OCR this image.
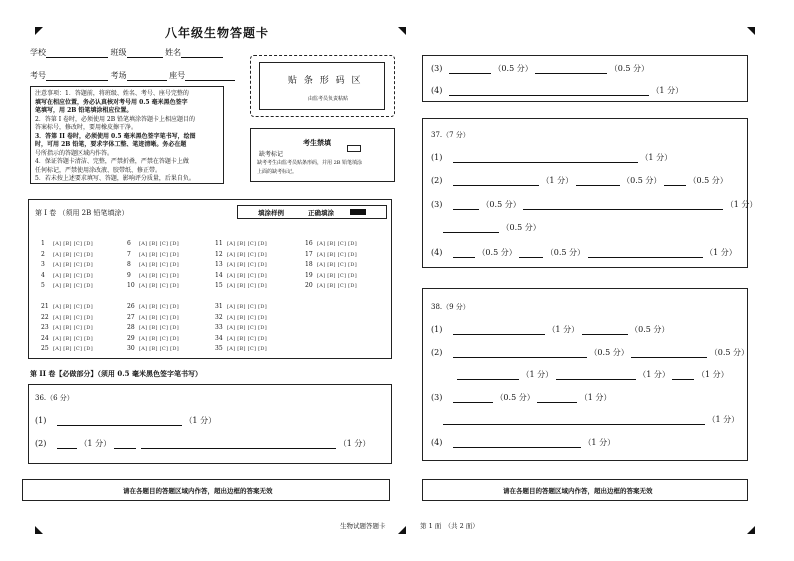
八年级生物答题卡
学校	班级	姓名
考号	考场	座号
注意事项：1．答题前，将班级、姓名、考号、座号完整的
填写在相应位置，务必认真核对考号用 0.5 毫米黑色签字
笔填写，用 2B 铅笔填涂相应位置。
2．答第 I 卷时，必须使用 2B 铅笔填涂答题卡上相应题目的
答案标号，修改时，要用橡皮擦干净。
3．答第 II 卷时，必须使用 0.5 毫米黑色签字笔书写，绘图
时，可用 2B 铅笔，要求字体工整、笔迹清晰。务必在题
号所指示的答题区域内作答。
4．保证答题卡清洁、完整，严禁折叠，严禁在答题卡上做
任何标记，严禁使用涂改液、胶带纸、修正带。
5．若未按上述要求填写、答题，影响评分质量，后果自负。
贴 条 形 码 区
由监考员负责粘贴
考生禁填
缺考标记
缺考考生由监考员贴条形码，并用 2B 铅笔填涂
上面的缺考标记。
第 I 卷 （须用 2B 铅笔填涂）	填涂样例	正确填涂
1 [A] [B] [C] [D]
2 [A] [B] [C] [D]
3 [A] [B] [C] [D]
4 [A] [B] [C] [D]
5 [A] [B] [C] [D]
6 [A] [B] [C] [D]
7 [A] [B] [C] [D]
8 [A] [B] [C] [D]
9 [A] [B] [C] [D]
10 [A] [B] [C] [D]
11 [A] [B] [C] [D]
12 [A] [B] [C] [D]
13 [A] [B] [C] [D]
14 [A] [B] [C] [D]
15 [A] [B] [C] [D]
16 [A] [B] [C] [D]
17 [A] [B] [C] [D]
18 [A] [B] [C] [D]
19 [A] [B] [C] [D]
20 [A] [B] [C] [D]
21 [A] [B] [C] [D]
22 [A] [B] [C] [D]
23 [A] [B] [C] [D]
24 [A] [B] [C] [D]
25 [A] [B] [C] [D]
26 [A] [B] [C] [D]
27 [A] [B] [C] [D]
28 [A] [B] [C] [D]
29 [A] [B] [C] [D]
30 [A] [B] [C] [D]
31 [A] [B] [C] [D]
32 [A] [B] [C] [D]
33 [A] [B] [C] [D]
34 [A] [B] [C] [D]
35 [A] [B] [C] [D]
第 II 卷【必做部分】（须用 0.5 毫米黑色签字笔书写）
36.（6 分）
(1)	（1 分）
(2)	（1 分）	（1 分）
请在各题目的答题区域内作答，超出边框的答案无效
(3)	（0.5 分）	（0.5 分）
(4)	（1 分）
37.（7 分）
(1)	（1 分）
(2)	（1 分）	（0.5 分）	（0.5 分）
(3)	（0.5 分）	（1 分）
（0.5 分）
(4)	（0.5 分）	（0.5 分）	（1 分）
38.（9 分）
(1)	（1 分）	（0.5 分）
(2)	（0.5 分）	（0.5 分）
（1 分）	（1 分）	（1 分）
(3)	（0.5 分）	（1 分）
（1 分）
(4)	（1 分）
请在各题目的答题区域内作答，超出边框的答案无效
生物试题答题卡	第 1 面　（共 2 面）
